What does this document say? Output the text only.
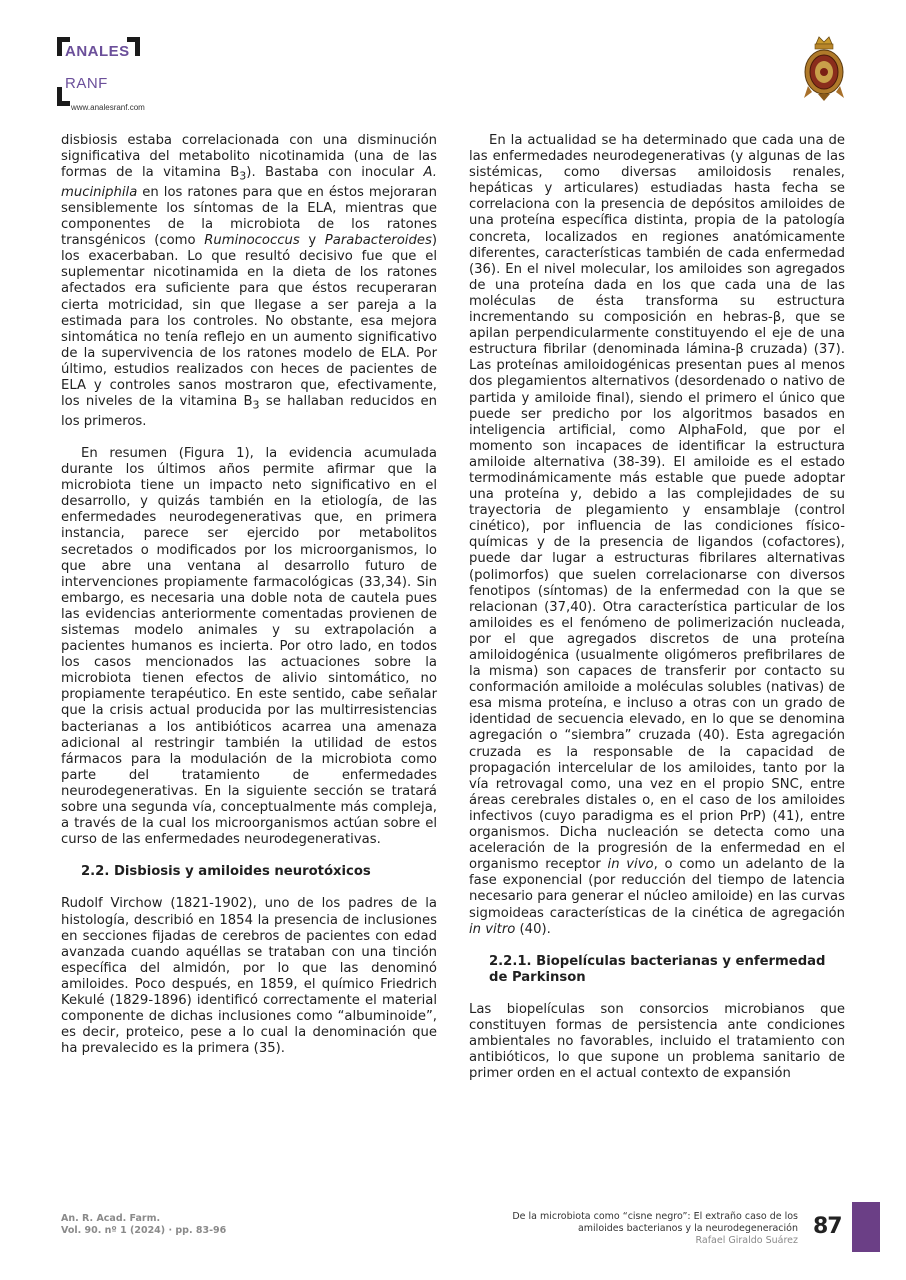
ANALES
RANF
www.analesranf.com

disbiosis estaba correlacionada con una disminución significativa del metabolito nicotinamida (una de las formas de la vitamina $B_3$). Bastaba con inocular A. muciniphila en los ratones para que en éstos mejoraran sensiblemente los síntomas de la ELA, mientras que componentes de la microbiota de los ratones transgénicos (como Ruminococcus y Parabacteroides) los exacerbaban. Lo que resultó decisivo fue que el suplementar nicotinamida en la dieta de los ratones afectados era suficiente para que éstos recuperaran cierta motricidad, sin que llegase a ser pareja a la estimada para los controles. No obstante, esa mejora sintomática no tenía reflejo en un aumento significativo de la supervivencia de los ratones modelo de ELA. Por último, estudios realizados con heces de pacientes de ELA y controles sanos mostraron que, efectivamente, los niveles de la vitamina $B_3$ se hallaban reducidos en los primeros.

En resumen (Figura 1), la evidencia acumulada durante los últimos años permite afirmar que la microbiota tiene un impacto neto significativo en el desarrollo, y quizás también en la etiología, de las enfermedades neurodegenerativas que, en primera instancia, parece ser ejercido por metabolitos secretados o modificados por los microorganismos, lo que abre una ventana al desarrollo futuro de intervenciones propiamente farmacológicas (33,34). Sin embargo, es necesaria una doble nota de cautela pues las evidencias anteriormente comentadas provienen de sistemas modelo animales y su extrapolación a pacientes humanos es incierta. Por otro lado, en todos los casos mencionados las actuaciones sobre la microbiota tienen efectos de alivio sintomático, no propiamente terapéutico. En este sentido, cabe señalar que la crisis actual producida por las multirresistencias bacterianas a los antibióticos acarrea una amenaza adicional al restringir también la utilidad de estos fármacos para la modulación de la microbiota como parte del tratamiento de enfermedades neurodegenerativas. En la siguiente sección se tratará sobre una segunda vía, conceptualmente más compleja, a través de la cual los microorganismos actúan sobre el curso de las enfermedades neurodegenerativas.

2.2. Disbiosis y amiloides neurotóxicos

Rudolf Virchow (1821-1902), uno de los padres de la histología, describió en 1854 la presencia de inclusiones en secciones fijadas de cerebros de pacientes con edad avanzada cuando aquéllas se trataban con una tinción específica del almidón, por lo que las denominó amiloides. Poco después, en 1859, el químico Friedrich Kekulé (1829-1896) identificó correctamente el material componente de dichas inclusiones como “albuminoide”, es decir, proteico, pese a lo cual la denominación que ha prevalecido es la primera (35).

En la actualidad se ha determinado que cada una de las enfermedades neurodegenerativas (y algunas de las sistémicas, como diversas amiloidosis renales, hepáticas y articulares) estudiadas hasta fecha se correlaciona con la presencia de depósitos amiloides de una proteína específica distinta, propia de la patología concreta, localizados en regiones anatómicamente diferentes, características también de cada enfermedad (36). En el nivel molecular, los amiloides son agregados de una proteína dada en los que cada una de las moléculas de ésta transforma su estructura incrementando su composición en hebras-β, que se apilan perpendicularmente constituyendo el eje de una estructura fibrilar (denominada lámina-β cruzada) (37). Las proteínas amiloidogénicas presentan pues al menos dos plegamientos alternativos (desordenado o nativo de partida y amiloide final), siendo el primero el único que puede ser predicho por los algoritmos basados en inteligencia artificial, como AlphaFold, que por el momento son incapaces de identificar la estructura amiloide alternativa (38-39). El amiloide es el estado termodinámicamente más estable que puede adoptar una proteína y, debido a las complejidades de su trayectoria de plegamiento y ensamblaje (control cinético), por influencia de las condiciones físico-químicas y de la presencia de ligandos (cofactores), puede dar lugar a estructuras fibrilares alternativas (polimorfos) que suelen correlacionarse con diversos fenotipos (síntomas) de la enfermedad con la que se relacionan (37,40). Otra característica particular de los amiloides es el fenómeno de polimerización nucleada, por el que agregados discretos de una proteína amiloidogénica (usualmente oligómeros prefibrilares de la misma) son capaces de transferir por contacto su conformación amiloide a moléculas solubles (nativas) de esa misma proteína, e incluso a otras con un grado de identidad de secuencia elevado, en lo que se denomina agregación o “siembra” cruzada (40). Esta agregación cruzada es la responsable de la capacidad de propagación intercelular de los amiloides, tanto por la vía retrovagal como, una vez en el propio SNC, entre áreas cerebrales distales o, en el caso de los amiloides infectivos (cuyo paradigma es el prion PrP) (41), entre organismos. Dicha nucleación se detecta como una aceleración de la progresión de la enfermedad en el organismo receptor in vivo, o como un adelanto de la fase exponencial (por reducción del tiempo de latencia necesario para generar el núcleo amiloide) en las curvas sigmoideas características de la cinética de agregación in vitro (40).

2.2.1. Biopelículas bacterianas y enfermedad de Parkinson

Las biopelículas son consorcios microbianos que constituyen formas de persistencia ante condiciones ambientales no favorables, incluido el tratamiento con antibióticos, lo que supone un problema sanitario de primer orden en el actual contexto de expansión

An. R. Acad. Farm.
Vol. 90. nº 1 (2024) · pp. 83-96
De la microbiota como “cisne negro”: El extraño caso de los
amiloides bacterianos y la neurodegeneración
Rafael Giraldo Suárez
87
